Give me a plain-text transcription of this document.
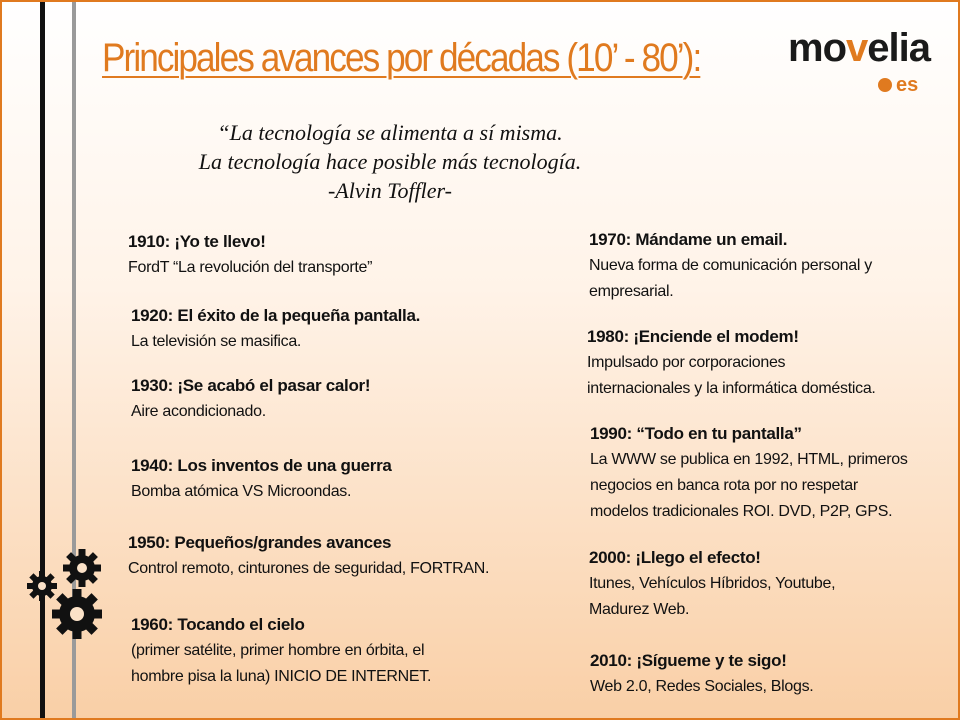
Principales avances por décadas (10’ - 80’): movelia
es
“La tecnología se alimenta a sí misma.
La tecnología hace posible más tecnología.
-Alvin Toffler-
1910: ¡Yo te llevo!
FordT “La revolución del transporte”
1920: El éxito de la pequeña pantalla.
La televisión se masifica.
1930: ¡Se acabó el pasar calor!
Aire acondicionado.
1940: Los inventos de una guerra
Bomba atómica VS Microondas.
1950: Pequeños/grandes avances
Control remoto, cinturones de seguridad, FORTRAN.
1960: Tocando el cielo
(primer satélite, primer hombre en órbita, el
hombre pisa la luna) INICIO DE INTERNET.
1970: Mándame un email.
Nueva forma de comunicación personal y
empresarial.
1980: ¡Enciende el modem!
Impulsado por corporaciones
internacionales y la informática doméstica.
1990: “Todo en tu pantalla”
La WWW se publica en 1992, HTML, primeros
negocios en banca rota por no respetar
modelos tradicionales ROI. DVD, P2P, GPS.
2000: ¡Llego el efecto!
Itunes, Vehículos Híbridos, Youtube,
Madurez Web.
2010: ¡Sígueme y te sigo!
Web 2.0, Redes Sociales, Blogs.
